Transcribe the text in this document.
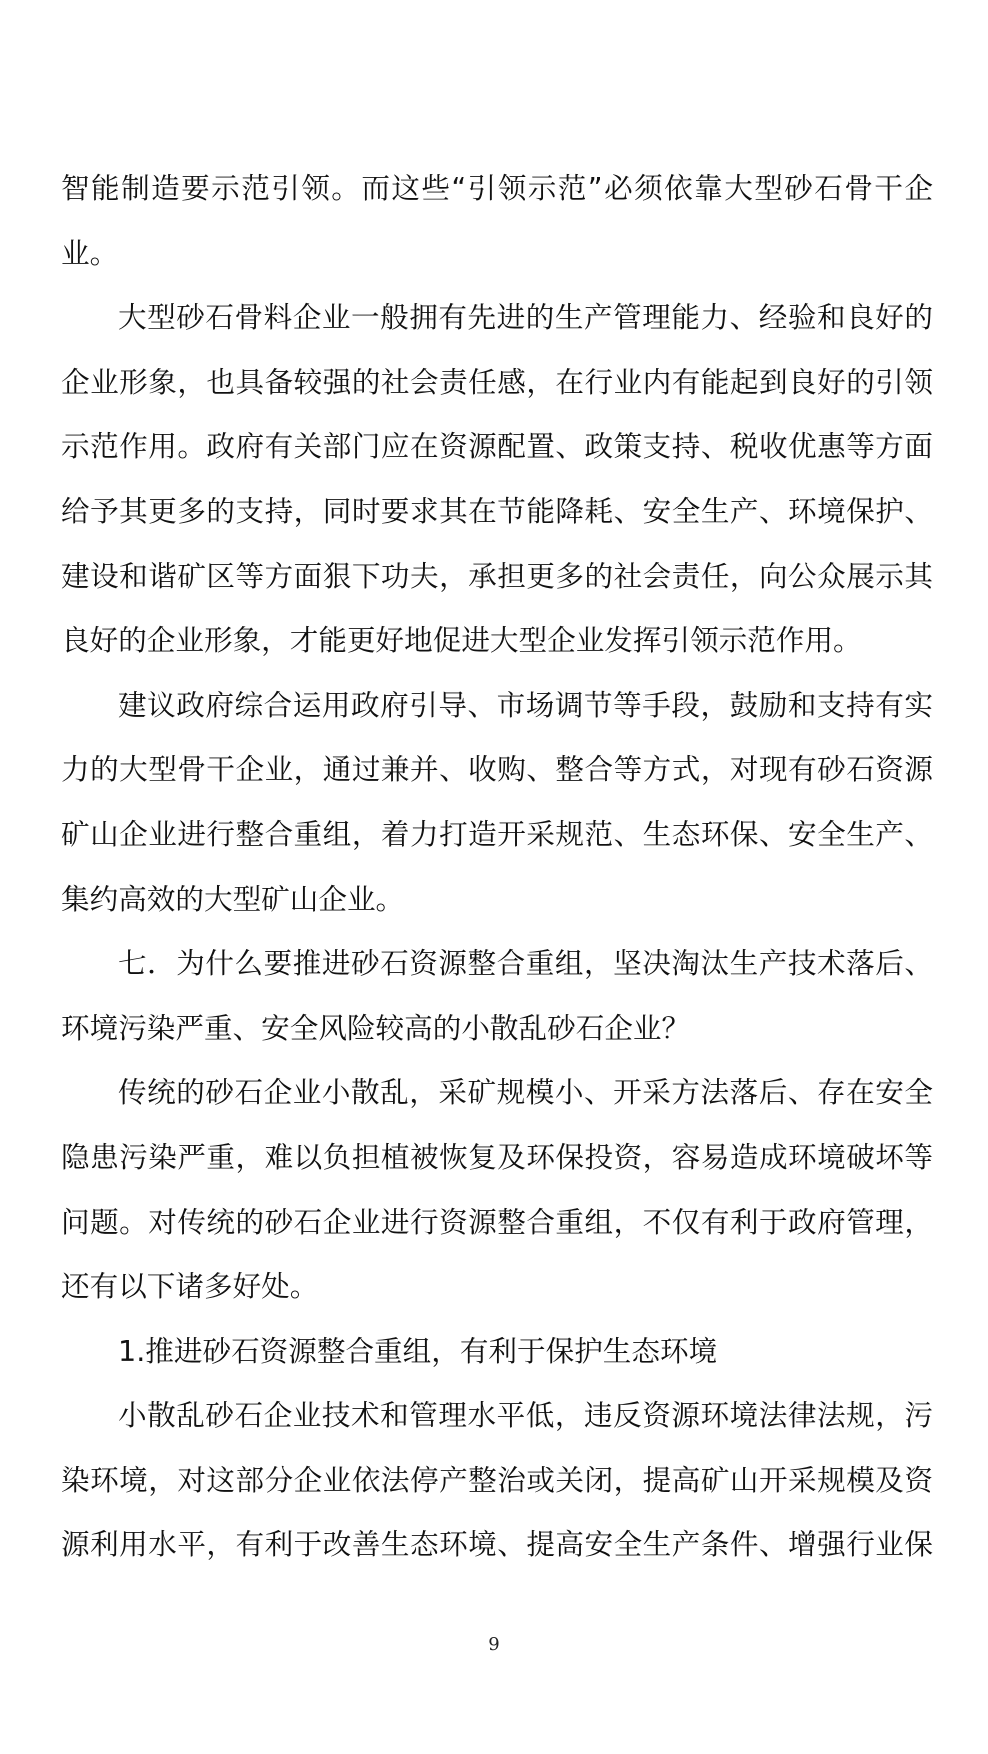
智能制造要示范引领。而这些“引领示范”必须依靠大型砂石骨干企
业。
大型砂石骨料企业一般拥有先进的生产管理能力、经验和良好的
企业形象，也具备较强的社会责任感，在行业内有能起到良好的引领
示范作用。政府有关部门应在资源配置、政策支持、税收优惠等方面
给予其更多的支持，同时要求其在节能降耗、安全生产、环境保护、
建设和谐矿区等方面狠下功夫，承担更多的社会责任，向公众展示其
良好的企业形象，才能更好地促进大型企业发挥引领示范作用。
建议政府综合运用政府引导、市场调节等手段，鼓励和支持有实
力的大型骨干企业，通过兼并、收购、整合等方式，对现有砂石资源
矿山企业进行整合重组，着力打造开采规范、生态环保、安全生产、
集约高效的大型矿山企业。
七．为什么要推进砂石资源整合重组，坚决淘汰生产技术落后、
环境污染严重、安全风险较高的小散乱砂石企业？
传统的砂石企业小散乱，采矿规模小、开采方法落后、存在安全
隐患污染严重，难以负担植被恢复及环保投资，容易造成环境破坏等
问题。对传统的砂石企业进行资源整合重组，不仅有利于政府管理，
还有以下诸多好处。
1.推进砂石资源整合重组，有利于保护生态环境
小散乱砂石企业技术和管理水平低，违反资源环境法律法规，污
染环境，对这部分企业依法停产整治或关闭，提高矿山开采规模及资
源利用水平，有利于改善生态环境、提高安全生产条件、增强行业保
9
